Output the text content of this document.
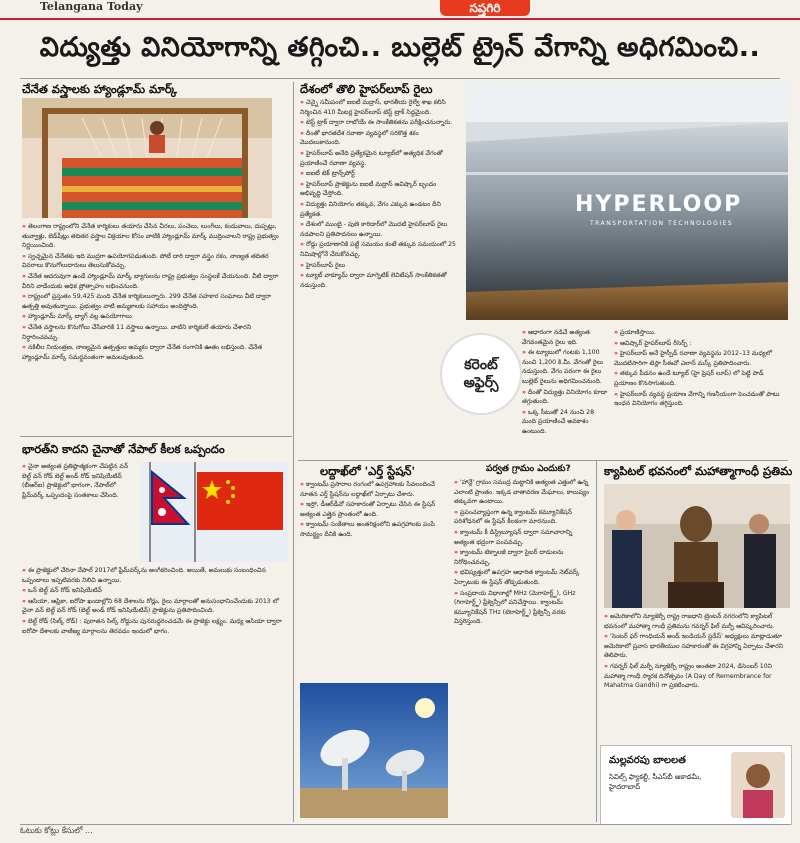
Telangana Today	సప్తగిరి
విద్యుత్తు వినియోగాన్ని తగ్గించి.. బుల్లెట్ ట్రైన్ వేగాన్ని అధిగమించి..
చేనేత వస్త్రాలకు హ్యాండ్లూమ్ మార్క్

» తెలంగాణ రాష్ట్రంలోని చేనేత కార్మికులు తయారు చేసిన చీరలు, పంచెలు, లుంగీలు, కండువాలు, దుప్పట్లు, తువ్వాళ్లు, బెడ్‌షీట్లు తదితర వస్త్రాల విక్రయాల కోసం వాటికి హ్యాండ్లూమ్ మార్క్ ముద్రించాలని రాష్ట్ర ప్రభుత్వం నిర్ణయించింది.

» స్వచ్ఛమైన చేనేతకు ఇది ముద్రగా ఉపయోగపడుతుంది. పోటీ దారి ద్వారా వస్త్రం రకం, నాణ్యత తదితర వివరాలు కొనుగోలుదారులు తెలుసుకోవచ్చు.

» చేనేత ఆదరువుగా ఉండే హ్యాండ్లూమ్ మార్క్ బ్యాగులను రాష్ట్ర ప్రభుత్వం సంస్థలకే చేయనుంది. వీటి ద్వారా వీరిని వాడేందుకు అధిక ప్రోత్సాహం లభించనుంది.

» రాష్ట్రంలో ప్రస్తుతం 59,425 మంది చేనేత కార్మికులున్నారు. 299 చేనేత సహకార సంఘాలు వీటి ద్వారా ఉత్పత్తి అవుతున్నాయి. ప్రభుత్వం వాటి అమ్మకాలకు సహాయం అందిస్తోంది.

» హ్యాండ్లూమ్ మార్క్ బ్యాగ్ వల్ల ఉపయోగాలు

» చేనేత వస్త్రాలను కొనుగోలు చేసేవారికి 11 వస్త్రాలు ఉన్నాయి. వాటిని కార్మికులే తయారు చేశారని నిర్ధారించవచ్చు.

» నకిలీల నియంత్రణ, నాణ్యమైన ఉత్పత్తుల అమ్మకం ద్వారా చేనేత రంగానికి ఊతం లభిస్తుంది. చేనేత హ్యాండ్లూమ్ మార్క్ సమర్థవంతంగా అమలవుతుంది.

భారత్‌ని కాదని చైనాతో నేపాల్ కీలక ఒప్పందం

» చైనా అత్యంత ప్రతిష్ఠాత్మకంగా చేపట్టిన వన్ బెల్ట్ వన్ రోడ్ బెల్ట్ అండ్ రోడ్ ఇనిషియేటివ్ (బీఆర్ఐ) ప్రాజెక్టులో భాగంగా, నేపాల్‌లో ఫ్రేమ్‌వర్క్ ఒప్పందంపై సంతకాలు చేసింది.

» ఈ ప్రాజెక్టులో చేరినా నేపాల్ 2017లో ఫ్రేమ్‌వర్క్‌ను అంగీకరించింది. అయితే, అమలుకు సంబంధించిన ఒప్పందాలు ఇప్పటివరకు నిలిచి ఉన్నాయి.

» ఒన్ బెల్ట్ వన్ రోడ్ ఇనిషియేటివ్

» ఆసియా, ఆఫ్రికా, ఐరోపా ఖండాల్లోని 68 దేశాలను రోడ్లు, రైలు మార్గాలతో అనుసంధానించేందుకు 2013 లో చైనా వన్ బెల్ట్ వన్ రోడ్ (బెల్ట్ అండ్ రోడ్ ఇనిషియేటివ్) ప్రాజెక్టును ప్రతిపాదించింది.

» బెల్ట్ రోడ్ (సిల్క్ రోడ్) : పురాతన సిల్క్ రోడ్డును పునరుద్ధరించడమే ఈ ప్రాజెక్టు లక్ష్యం. మధ్య ఆసియా ద్వారా ఐరోపా దేశాలకు వాణిజ్య మార్గాలను తెరవడం ఇందులో భాగం.

దేశంలో తొలి హైపర్‌లూప్ రైలు

» చెన్నై సమీపంలో ఐఐటీ మద్రాస్, భారతీయ రైల్వే శాఖ కలిసి నిర్మించిన 410 మీటర్ల హైపర్‌లూప్ టెస్ట్ ట్రాక్ సిద్ధమైంది.

» టెస్ట్ ట్రాక్ ద్వారా రాబోయే ఈ సాంకేతికతను పరీక్షించనున్నారు.

» దీంతో భారతదేశ రవాణా వ్యవస్థలో సరికొత్త శకం మొదలుకానుంది.

» హైపర్‌లూప్ అనేది ప్రత్యేకమైన ట్యూబ్‌లో అత్యధిక వేగంతో ప్రయాణించే రవాణా వ్యవస్థ.

» ఐఐటీ టెక్ ట్రాన్స్‌పోర్ట్

» హైపర్‌లూప్ ప్రాజెక్టును ఐఐటీ మద్రాస్ ఆవిష్కార్ బృందం అభివృద్ధి చేస్తోంది.

» విద్యుత్తు వినియోగం తక్కువ, వేగం ఎక్కువ ఉండటం దీని ప్రత్యేకత.

» దేశంలో ముంబై - పుణె కారిడార్‌లో మొదటి హైపర్‌లూప్ రైలు నడపాలని ప్రతిపాదనలు ఉన్నాయి.

» రోడ్డు ప్రయాణానికి పట్టే సమయం కంటే తక్కువ సమయంలో 25 నిమిషాల్లోనే చేరుకోవచ్చు.

» హైపర్‌లూప్ రైలు

» ట్యూబ్ వాక్యూమ్ ద్వారా మాగ్నెటిక్ లెవిటేషన్ సాంకేతికతతో నడుస్తుంది.

HYPERLOOP
TRANSPORTATION TECHNOLOGIES
కరెంట్
అఫైర్స్

» ఆధారంగా నడిచే అత్యంత వేగవంతమైన రైలు ఇది.

» ఈ ట్యూబులో గంటకు 1,100 నుంచి 1,200 కి.మీ. వేగంతో రైలు నడుస్తుంది. వేగం పరంగా ఈ రైలు బుల్లెట్ రైలును అధిగమించనుంది.

» దీంతో విద్యుత్తు వినియోగం కూడా తగ్గుతుంది.

» ఒక్క సీటుతో 24 నుంచి 28 మంది ప్రయాణించే అవకాశం ఉంటుంది.

» ప్రయాణిస్తాయి.

» ఆవిష్కార్ హైపర్‌లూప్ రీసెర్చ్ :

» హైపర్‌లూప్ అనే హైస్పీడ్ రవాణా వ్యవస్థను 2012–13 మధ్యలో మొదటిసారిగా టెస్లా సీఈవో ఎలాన్ మస్క్ ప్రతిపాదించారు.

» తక్కువ పీడనం ఉండే ట్యూబ్ (హై ప్రెషర్ లూప్) లో పెట్టి పాడ్ ప్రయాణం కొనసాగుతుంది.

» హైపర్‌లూప్ వ్యవస్థ ప్రయాణ వేగాన్ని గణనీయంగా పెంచడంతో పాటు ఇంధన వినియోగం తగ్గిస్తుంది.

లద్దాఖ్‌లో 'ఎర్త్ స్టేషన్'

» క్వాంటమ్ ప్రసారాల రంగంలో ఉపగ్రహాలకు సేవలందించే నూతన ఎర్త్ స్టేషన్‌ను లద్దాఖ్‌లో ఏర్పాటు చేశారు.

» ఇస్రో, డీఆర్‌డీవో సహకారంతో ఏర్పాటు చేసిన ఈ స్టేషన్ అత్యంత ఎత్తైన ప్రాంతంలో ఉంది.

» క్వాంటమ్ సంకేతాలు అంతరిక్షంలోని ఉపగ్రహాలకు పంపే సామర్థ్యం దీనికి ఉంది.

పర్వత గ్రామం ఎందుకు?

» 'హాన్లే' గ్రామం సముద్ర మట్టానికి అత్యంత ఎత్తులో ఉన్న ఎలాంటి ప్రాంతం. ఇక్కడ వాతావరణ మేఘాలు, కాలుష్యం తక్కువగా ఉంటాయి.

» ప్రపంచవ్యాప్తంగా ఉన్న క్వాంటమ్ కమ్యూనికేషన్ పరిశోధనలో ఈ స్టేషన్ కీలకంగా మారనుంది.

» క్వాంటమ్ కీ డిస్ట్రిబ్యూషన్ ద్వారా సమాచారాన్ని అత్యంత భద్రంగా పంపవచ్చు.

» క్వాంటమ్ టెక్నాలజీ ద్వారా సైబర్ దాడులను నిరోధించవచ్చు.

» భవిష్యత్తులో ఉపగ్రహ ఆధారిత క్వాంటమ్ నెట్‌వర్క్ ఏర్పాటుకు ఈ స్టేషన్ తోడ్పడుతుంది.

» సంప్రదాయ విధానాల్లో MHz (మెగాహెర్ట్జ్), GHz (గిగాహెర్ట్జ్) ఫ్రీక్వెన్సీలో పనిచేస్తాయి. క్వాంటమ్ కమ్యూనికేషన్ THz (టెరాహెర్ట్జ్) ఫ్రీక్వెన్సీ వరకు విస్తరిస్తుంది.

క్యాపిటల్ భవనంలో మహాత్మాగాంధీ ప్రతిమ

» అమెరికాలోని న్యూజెర్సీ రాష్ట్ర రాజధాని ట్రెంటన్ నగరంలోని క్యాపిటల్ భవనంలో మహాత్మా గాంధీ ప్రతిమను గవర్నర్ ఫిల్ మర్ఫీ ఆవిష్కరించారు.

» 'సెంటర్ ఫర్ గాంధియన్ అండ్ ఇండియన్ స్టడీస్' అధ్యక్షులు మాట్లాడుతూ అమెరికాలో ప్రవాస భారతీయుల సహకారంతో ఈ విగ్రహాన్ని ఏర్పాటు చేశారని తెలిపారు.

» గవర్నర్ ఫిల్ మర్ఫీ న్యూజెర్సీ రాష్ట్రం అంతటా 2024, డిసెంబర్ 10ని మహాత్మా గాంధీ స్మారక దినోత్సవం (A Day of Remembrance for Mahatma Gandhi) గా ప్రకటించారు.

మల్లవరపు బాలలత
సివిల్స్ ఫ్యాకల్టీ, సీఎస్‌బీ అకాడమీ, హైదరాబాద్
ఓటుకు కోట్లు కేసులో ...
